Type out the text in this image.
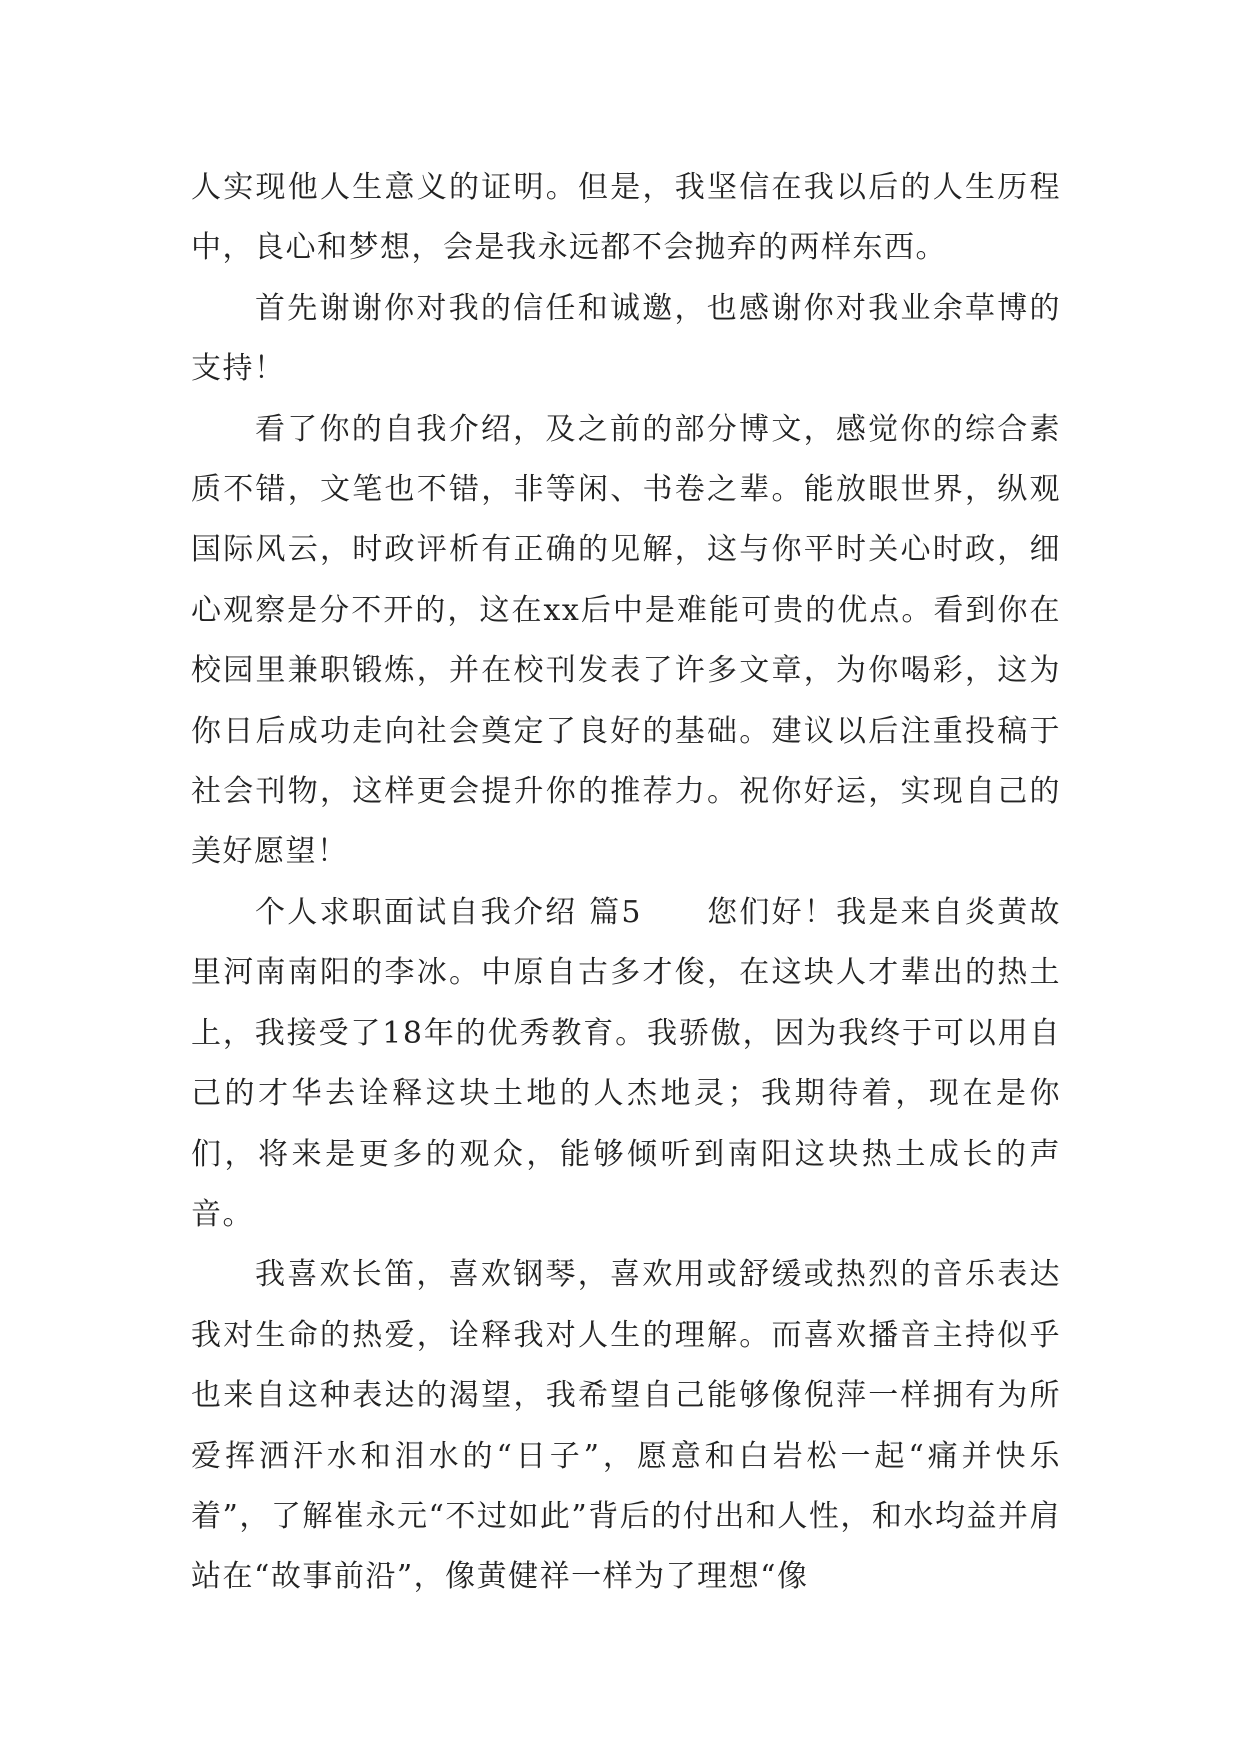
人实现他人生意义的证明。但是，我坚信在我以后的人生历程中，良心和梦想，会是我永远都不会抛弃的两样东西。

首先谢谢你对我的信任和诚邀，也感谢你对我业余草博的支持！

看了你的自我介绍，及之前的部分博文，感觉你的综合素质不错，文笔也不错，非等闲、书卷之辈。能放眼世界，纵观国际风云，时政评析有正确的见解，这与你平时关心时政，细心观察是分不开的，这在xx后中是难能可贵的优点。看到你在校园里兼职锻炼，并在校刊发表了许多文章，为你喝彩，这为你日后成功走向社会奠定了良好的基础。建议以后注重投稿于社会刊物，这样更会提升你的推荐力。祝你好运，实现自己的美好愿望！

个人求职面试自我介绍 篇5　　您们好！我是来自炎黄故里河南南阳的李冰。中原自古多才俊，在这块人才辈出的热土上，我接受了18年的优秀教育。我骄傲，因为我终于可以用自己的才华去诠释这块土地的人杰地灵；我期待着，现在是你们，将来是更多的观众，能够倾听到南阳这块热土成长的声音。

我喜欢长笛，喜欢钢琴，喜欢用或舒缓或热烈的音乐表达我对生命的热爱，诠释我对人生的理解。而喜欢播音主持似乎也来自这种表达的渴望，我希望自己能够像倪萍一样拥有为所爱挥洒汗水和泪水的“日子”，愿意和白岩松一起“痛并快乐着”，了解崔永元“不过如此”背后的付出和人性，和水均益并肩站在“故事前沿”，像黄健祥一样为了理想“像
